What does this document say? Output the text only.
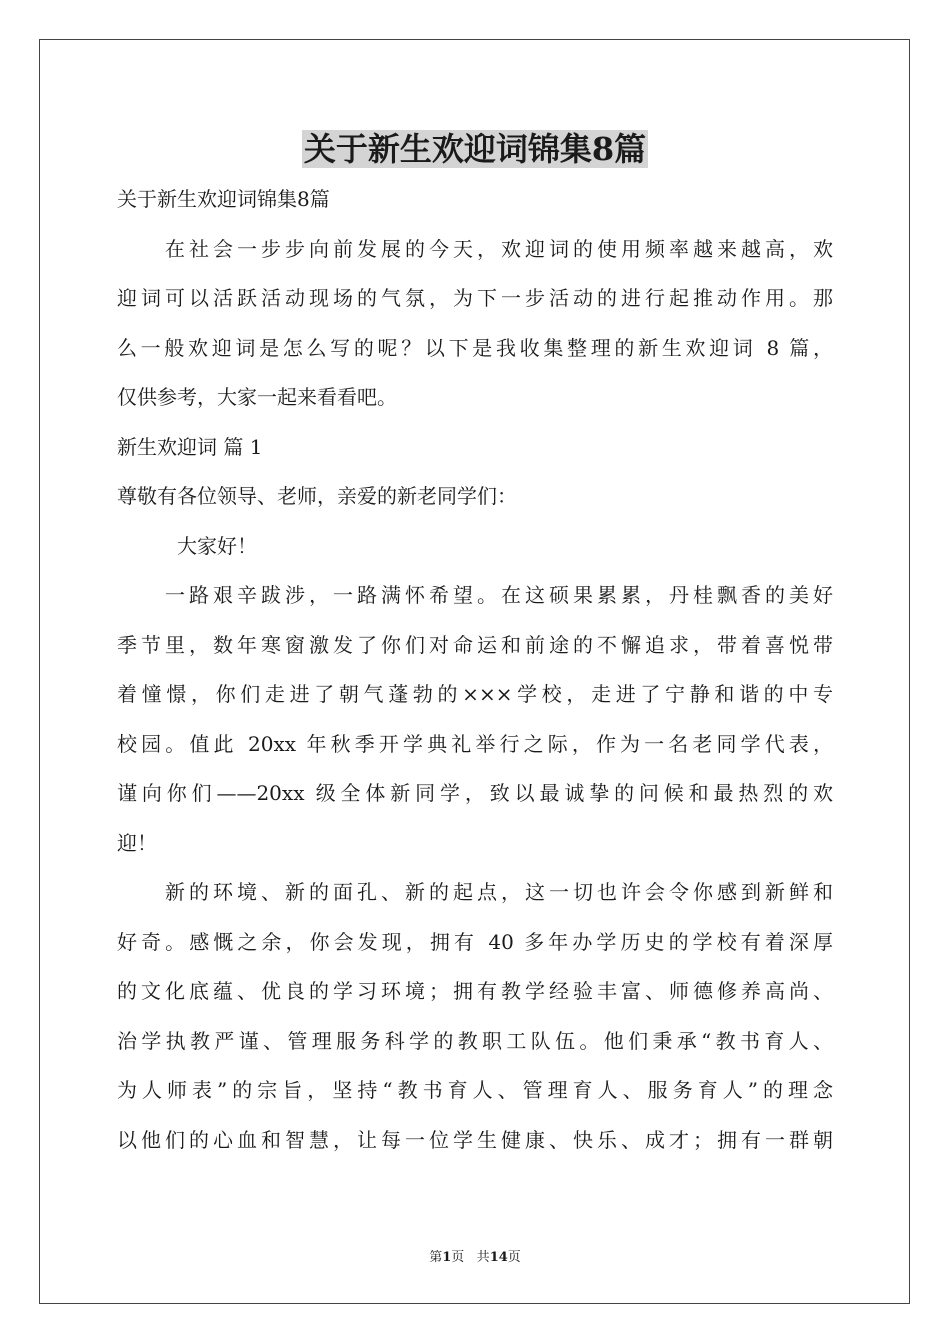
关于新生欢迎词锦集8篇
关于新生欢迎词锦集8篇
　　在社会一步步向前发展的今天，欢迎词的使用频率越来越高，欢
迎词可以活跃活动现场的气氛，为下一步活动的进行起推动作用。那
么一般欢迎词是怎么写的呢？以下是我收集整理的新生欢迎词 8 篇，
仅供参考，大家一起来看看吧。
新生欢迎词 篇 1
尊敬有各位领导、老师，亲爱的新老同学们：
　　　大家好！
　　一路艰辛跋涉，一路满怀希望。在这硕果累累，丹桂飘香的美好
季节里，数年寒窗激发了你们对命运和前途的不懈追求，带着喜悦带
着憧憬，你们走进了朝气蓬勃的×××学校，走进了宁静和谐的中专
校园。值此 20xx 年秋季开学典礼举行之际，作为一名老同学代表，
谨向你们——20xx 级全体新同学，致以最诚挚的问候和最热烈的欢
迎！
　　新的环境、新的面孔、新的起点，这一切也许会令你感到新鲜和
好奇。感慨之余，你会发现，拥有 40 多年办学历史的学校有着深厚
的文化底蕴、优良的学习环境；拥有教学经验丰富、师德修养高尚、
治学执教严谨、管理服务科学的教职工队伍。他们秉承“教书育人、
为人师表”的宗旨，坚持“教书育人、管理育人、服务育人”的理念
以他们的心血和智慧，让每一位学生健康、快乐、成才；拥有一群朝
第1页 共14页
